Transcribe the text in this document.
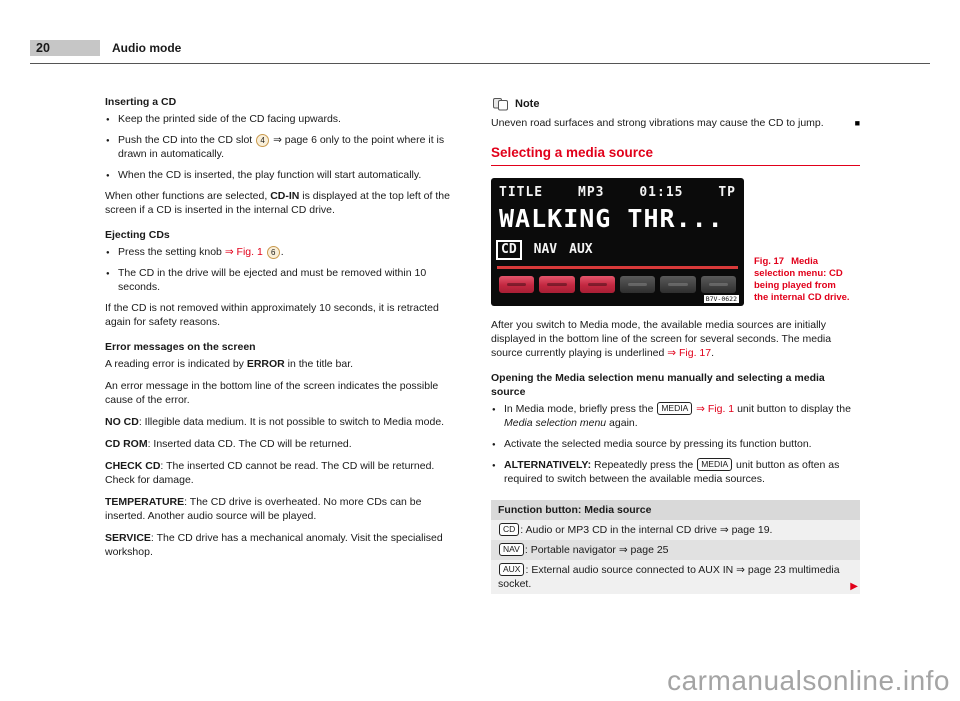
20	Audio mode
Inserting a CD
● Keep the printed side of the CD facing upwards.
● Push the CD into the CD slot 4 ⇒ page 6 only to the point where it is drawn in automatically.
● When the CD is inserted, the play function will start automatically.

When other functions are selected, CD-IN is displayed at the top left of the screen if a CD is inserted in the internal CD drive.

Ejecting CDs
● Press the setting knob ⇒ Fig. 1 6 .
● The CD in the drive will be ejected and must be removed within 10 seconds.

If the CD is not removed within approximately 10 seconds, it is retracted again for safety reasons.

Error messages on the screen

A reading error is indicated by ERROR in the title bar.

An error message in the bottom line of the screen indicates the possible cause of the error.

NO CD: Illegible data medium. It is not possible to switch to Media mode.

CD ROM: Inserted data CD. The CD will be returned.

CHECK CD: The inserted CD cannot be read. The CD will be returned. Check for damage.

TEMPERATURE: The CD drive is overheated. No more CDs can be inserted. Another audio source will be played.

SERVICE: The CD drive has a mechanical anomaly. Visit the specialised workshop.

Note
Uneven road surfaces and strong vibrations may cause the CD to jump.	■
Selecting a media source
TITLE	MP3	01:15	TP
WALKING THR...
CD	NAV AUX
B7V-0622
Fig. 17 Media selection menu: CD being played from the internal CD drive.

After you switch to Media mode, the available media sources are initially displayed in the bottom line of the screen for several seconds. The media source currently playing is underlined ⇒ Fig. 17.

Opening the Media selection menu manually and selecting a media source
● In Media mode, briefly press the MEDIA ⇒ Fig. 1 unit button to display the Media selection menu again.
● Activate the selected media source by pressing its function button.
● ALTERNATIVELY: Repeatedly press the MEDIA unit button as often as required to switch between the available media sources.
Function button: Media source
CD : Audio or MP3 CD in the internal CD drive ⇒ page 19.
NAV : Portable navigator ⇒ page 25
▶
AUX : External audio source connected to AUX IN ⇒ page 23 multimedia socket.
carmanualsonline.info
